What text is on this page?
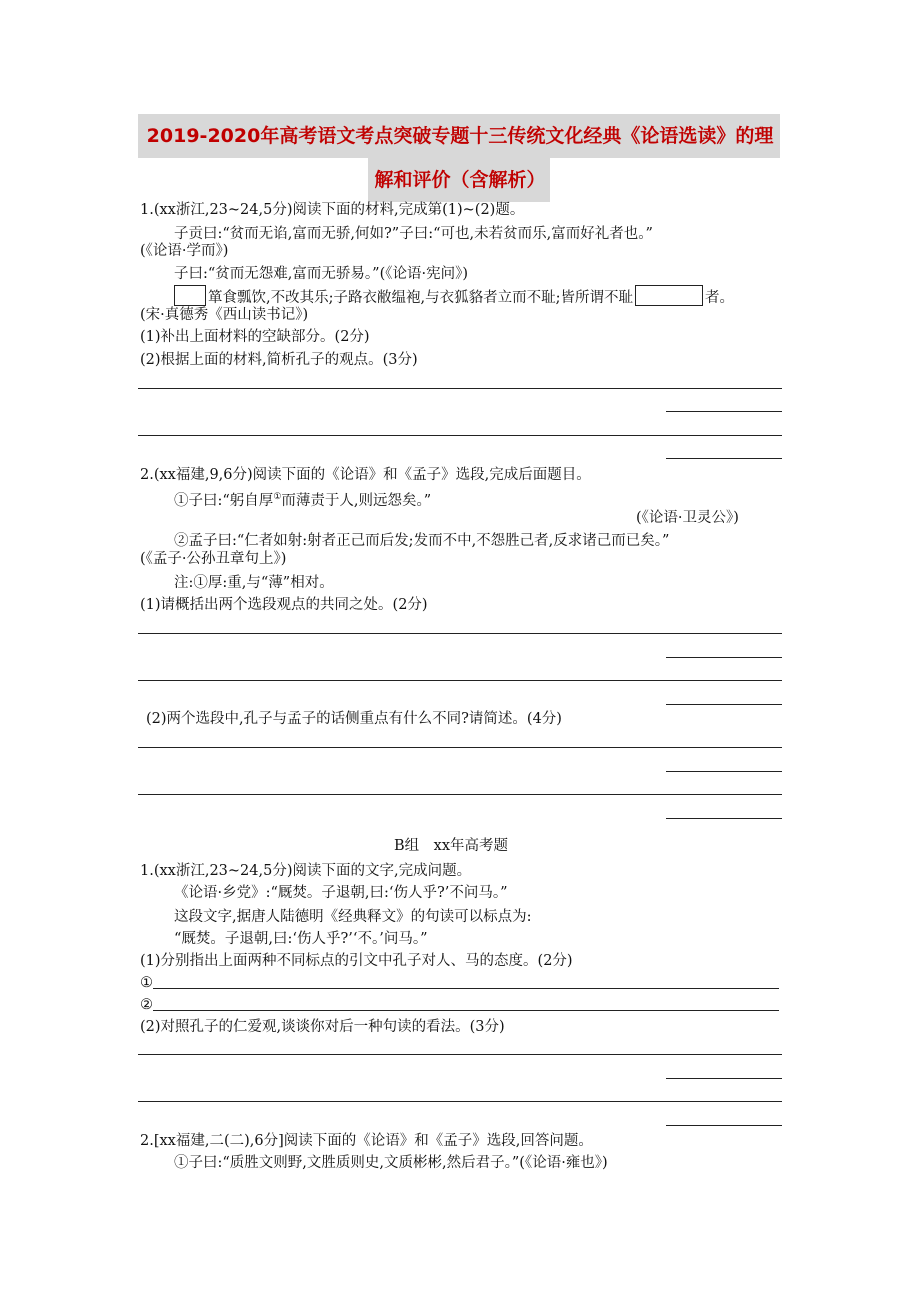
2019-2020年高考语文考点突破专题十三传统文化经典《论语选读》的理
解和评价（含解析）
1.(xx浙江,23~24,5分)阅读下面的材料,完成第(1)~(2)题。
子贡曰:“贫而无谄,富而无骄,何如?”子曰:“可也,未若贫而乐,富而好礼者也。”
(《论语·学而》)
子曰:“贫而无怨难,富而无骄易。”(《论语·宪问》)
箪食瓢饮,不改其乐;子路衣敝缊袍,与衣狐貉者立而不耻;皆所谓不耻	者。
(宋·真德秀《西山读书记》)
(1)补出上面材料的空缺部分。(2分)
(2)根据上面的材料,简析孔子的观点。(3分)
2.(xx福建,9,6分)阅读下面的《论语》和《孟子》选段,完成后面题目。
①子曰:“躬自厚①而薄责于人,则远怨矣。”
(《论语·卫灵公》)
②孟子曰:“仁者如射:射者正己而后发;发而不中,不怨胜己者,反求诸己而已矣。”
(《孟子·公孙丑章句上》)
注:①厚:重,与“薄”相对。
(1)请概括出两个选段观点的共同之处。(2分)
(2)两个选段中,孔子与孟子的话侧重点有什么不同?请简述。(4分)
B组　xx年高考题
1.(xx浙江,23~24,5分)阅读下面的文字,完成问题。
《论语·乡党》:“厩焚。子退朝,曰:‘伤人乎?’不问马。”
这段文字,据唐人陆德明《经典释文》的句读可以标点为:
“厩焚。子退朝,曰:‘伤人乎?’‘不。’问马。”
(1)分别指出上面两种不同标点的引文中孔子对人、马的态度。(2分)
①
②
(2)对照孔子的仁爱观,谈谈你对后一种句读的看法。(3分)
2.[xx福建,二(二),6分]阅读下面的《论语》和《孟子》选段,回答问题。
①子曰:“质胜文则野,文胜质则史,文质彬彬,然后君子。”(《论语·雍也》)
